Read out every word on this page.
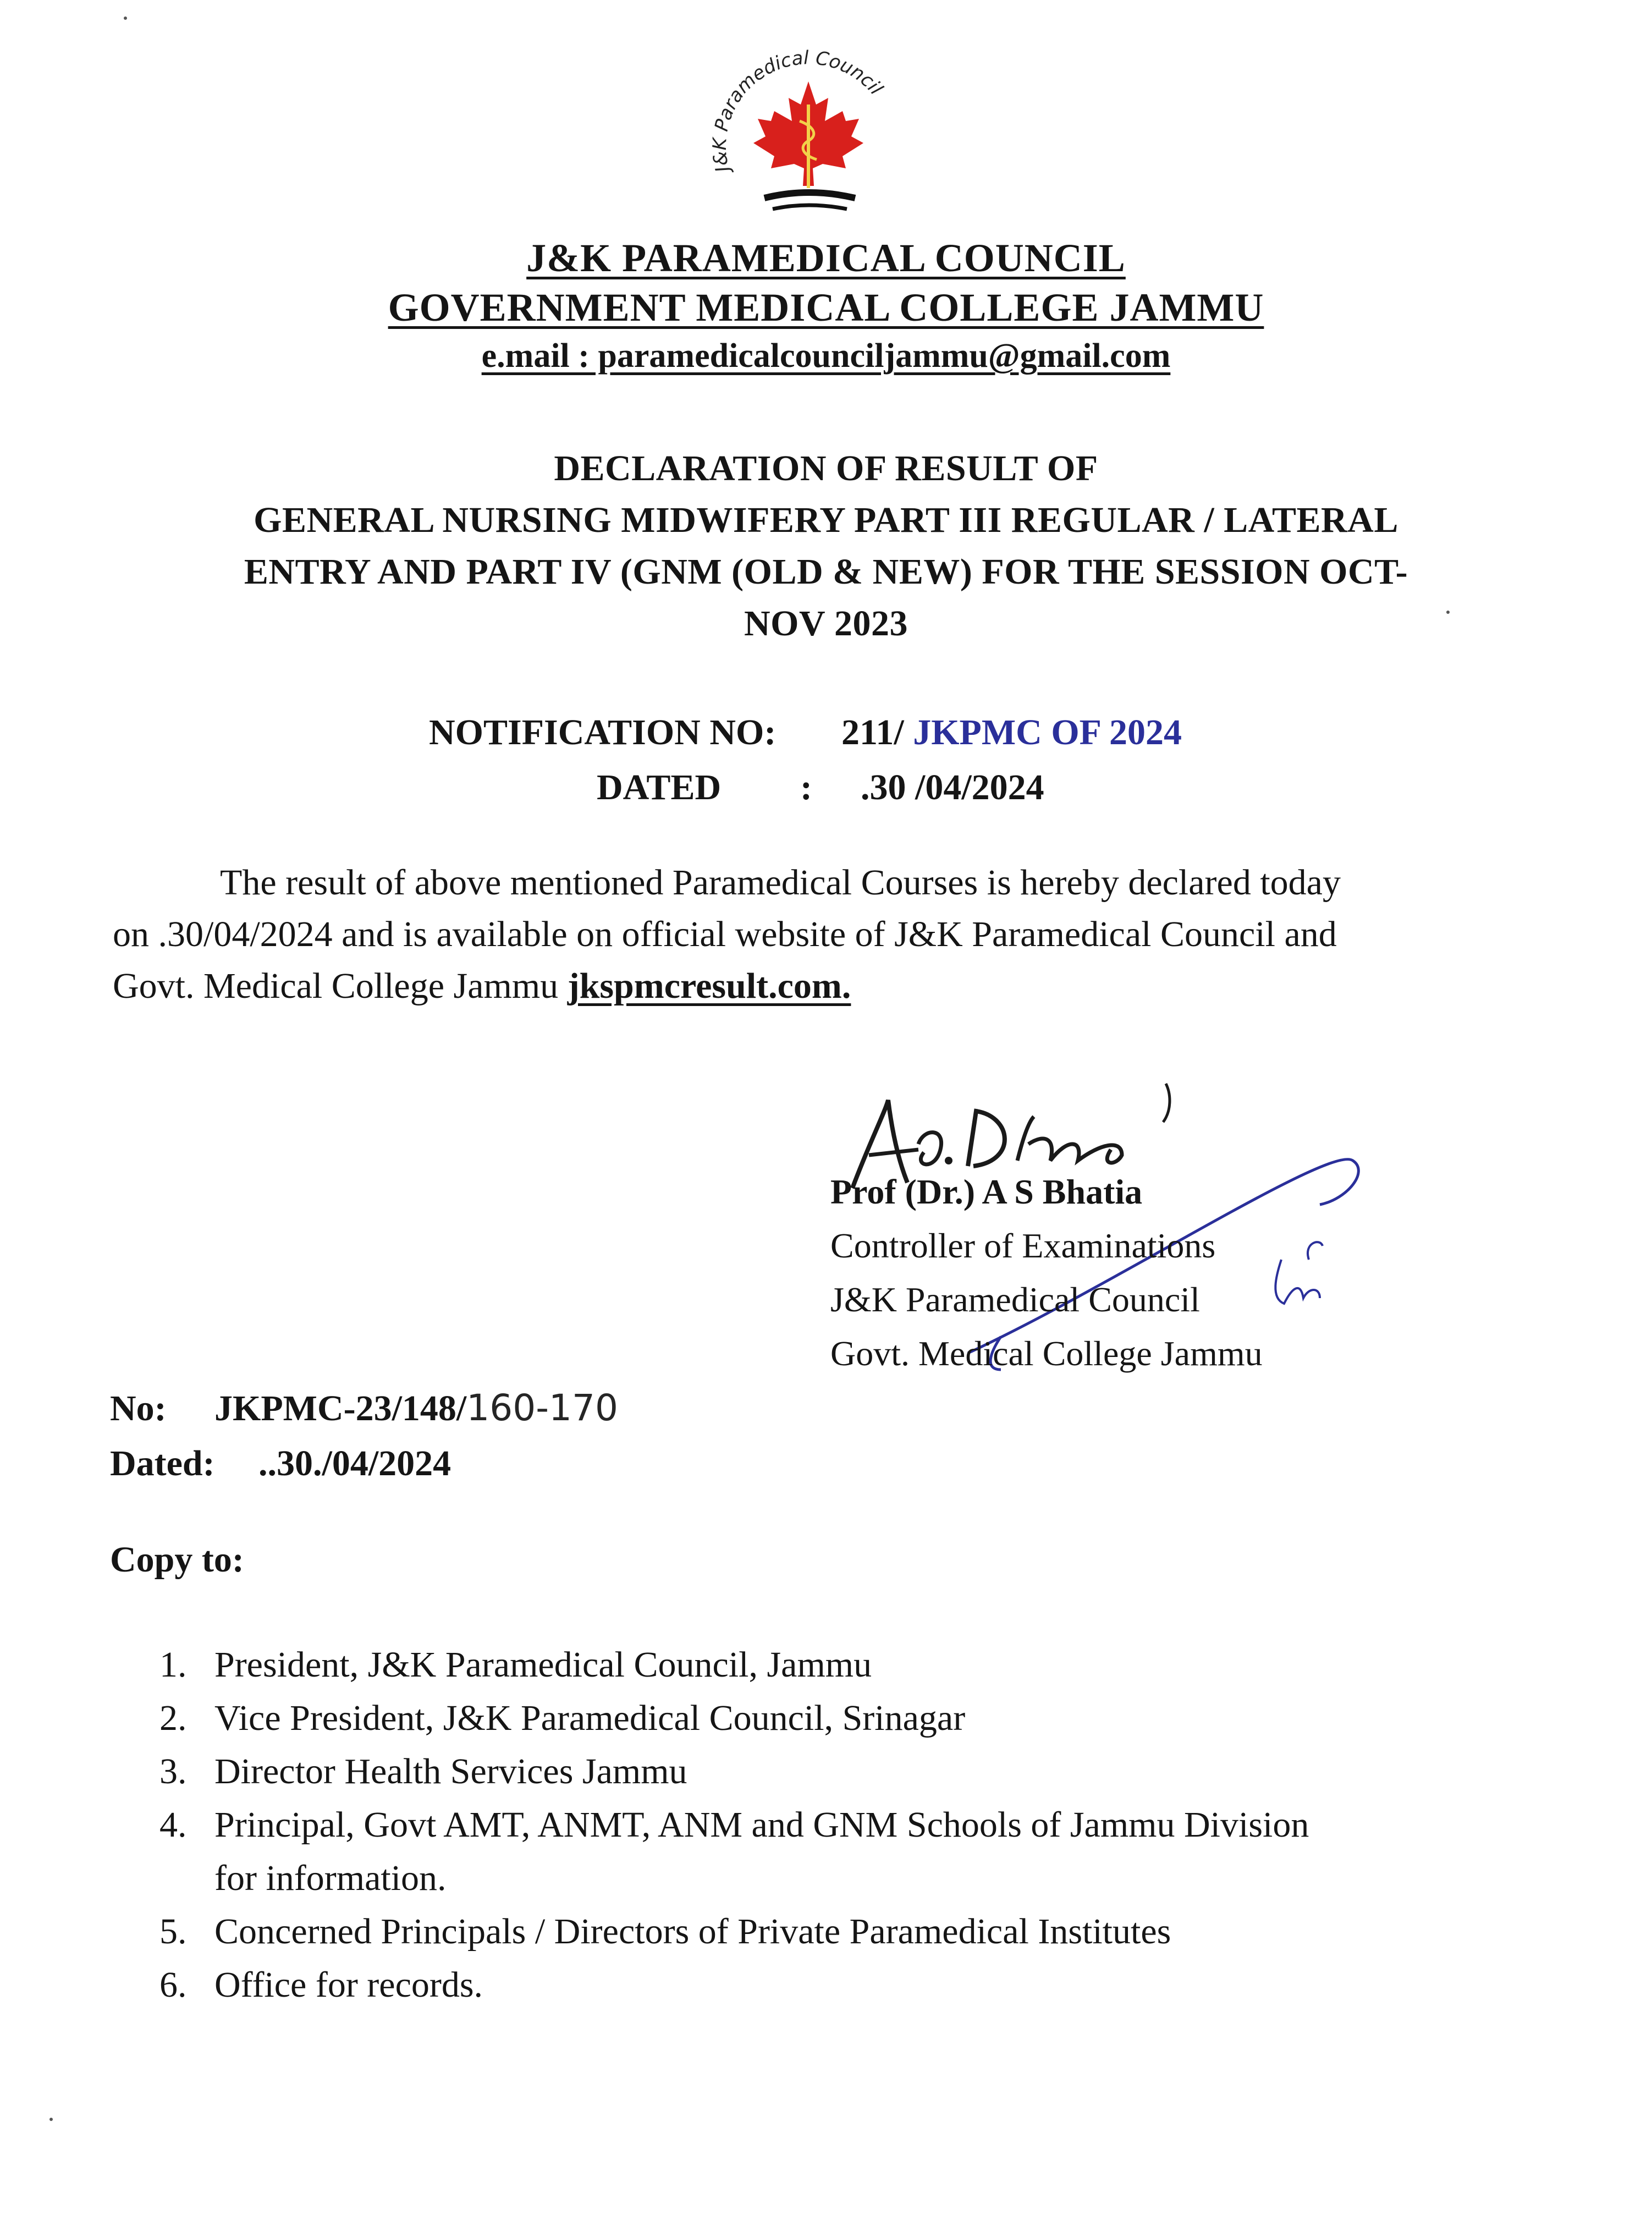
J&K Paramedical Council
J&K PARAMEDICAL COUNCIL
GOVERNMENT MEDICAL COLLEGE JAMMU
e.mail : paramedicalcounciljammu@gmail.com
DECLARATION OF RESULT OF
GENERAL NURSING MIDWIFERY PART III REGULAR / LATERAL
ENTRY AND PART IV (GNM (OLD & NEW) FOR THE SESSION OCT-
NOV 2023
NOTIFICATION NO: 211/ JKPMC OF 2024
DATED : .30 /04/2024
The result of above mentioned Paramedical Courses is hereby declared today
on .30/04/2024 and is available on official website of J&K Paramedical Council and
Govt. Medical College Jammu jkspmcresult.com.
Prof (Dr.) A S Bhatia
Controller of Examinations
J&K Paramedical Council
Govt. Medical College Jammu
No: JKPMC-23/148/160-170
Dated: ..30./04/2024
Copy to:
1. President, J&K Paramedical Council, Jammu
2. Vice President, J&K Paramedical Council, Srinagar
3. Director Health Services Jammu
4. Principal, Govt AMT, ANMT, ANM and GNM Schools of Jammu Division
for information.
5. Concerned Principals / Directors of Private Paramedical Institutes
6. Office for records.
